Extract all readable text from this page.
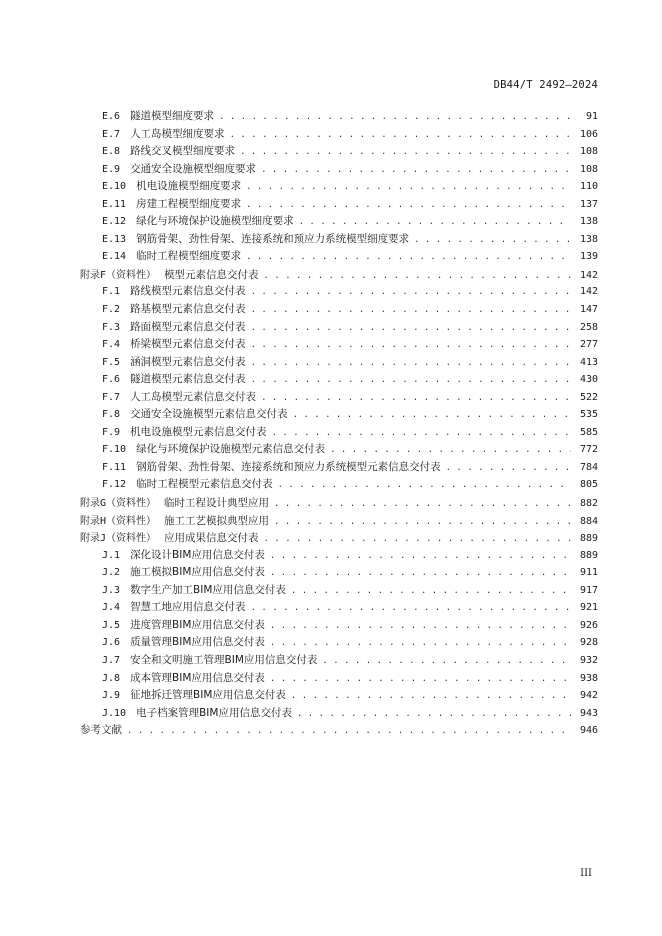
DB44/T 2492—2024
E.6 隧道模型细度要求 . . .	91
E.7 人工岛模型细度要求 . . .	106
E.8 路线交叉模型细度要求 . . .	108
E.9 交通安全设施模型细度要求 . . .	108
E.10 机电设施模型细度要求 . . .	110
E.11 房建工程模型细度要求 . . .	137
E.12 绿化与环境保护设施模型细度要求 . . .	138
E.13 钢筋骨架、劲性骨架、连接系统和预应力系统模型细度要求 . . .	138
E.14 临时工程模型细度要求 . . .	139
附录F（资料性） 模型元素信息交付表 . . .	142
F.1 路线模型元素信息交付表 . . .	142
F.2 路基模型元素信息交付表 . . .	147
F.3 路面模型元素信息交付表 . . .	258
F.4 桥梁模型元素信息交付表 . . .	277
F.5 涵洞模型元素信息交付表 . . .	413
F.6 隧道模型元素信息交付表 . . .	430
F.7 人工岛模型元素信息交付表 . . .	522
F.8 交通安全设施模型元素信息交付表 . . .	535
F.9 机电设施模型元素信息交付表 . . .	585
F.10 绿化与环境保护设施模型元素信息交付表 . . .	772
F.11 钢筋骨架、劲性骨架、连接系统和预应力系统模型元素信息交付表 . . .	784
F.12 临时工程模型元素信息交付表 . . .	805
附录G（资料性） 临时工程设计典型应用 . . .	882
附录H（资料性） 施工工艺模拟典型应用 . . .	884
附录J（资料性） 应用成果信息交付表 . . .	889
J.1 深化设计BIM应用信息交付表 . . .	889
J.2 施工模拟BIM应用信息交付表 . . .	911
J.3 数字生产加工BIM应用信息交付表 . . .	917
J.4 智慧工地应用信息交付表 . . .	921
J.5 进度管理BIM应用信息交付表 . . .	926
J.6 质量管理BIM应用信息交付表 . . .	928
J.7 安全和文明施工管理BIM应用信息交付表 . . .	932
J.8 成本管理BIM应用信息交付表 . . .	938
J.9 征地拆迁管理BIM应用信息交付表 . . .	942
J.10 电子档案管理BIM应用信息交付表 . . .	943
参考文献 . . .	946
III
